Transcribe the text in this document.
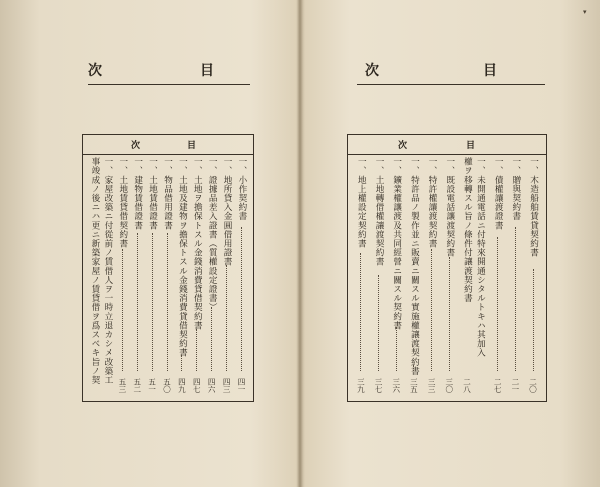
▾
次	目
次	目
一、木造船舶賃貸契約書
二〇
一、贈與契約書
二一
一、債權讓渡證書
二七
一、未開通電話ニ付特來開通シタルトキハ其加入權ヲ移轉スル旨ノ條件付讓渡契約書
二八
一、既設電話讓渡契約書
三〇
一、特許權讓渡契約書
三三
一、特許品ノ製作並ニ販賣ニ關スル實施權讓渡契約書
三五
一、鑛業權讓渡及共同經營ニ關スル契約書
三六
一、土地轉借權讓渡契約書
三七
一、地上權設定契約書
三九
次	目
次	目
一、小作契約書
四一
一、地所貸入金圓借用證書
四三
一、證據品差入證書（質權設定證書）
四六
一、土地ヲ擔保トスル金錢消費貸借契約書
四七
一、土地及建物ヲ擔保トスル金錢消費貸借契約書
四九
一、物品借用證書
五〇
一、土地賃借證書
五一
一、建物賃借證書
五二
一、土地賃貸借契約書
五三
一、家屋改築ニ付從前ノ賃借人ヲ一時立退カシメ改築工事竣成ノ後ニハ更ニ新築家屋ノ賃貸借ヲ爲スベキ旨ノ契
